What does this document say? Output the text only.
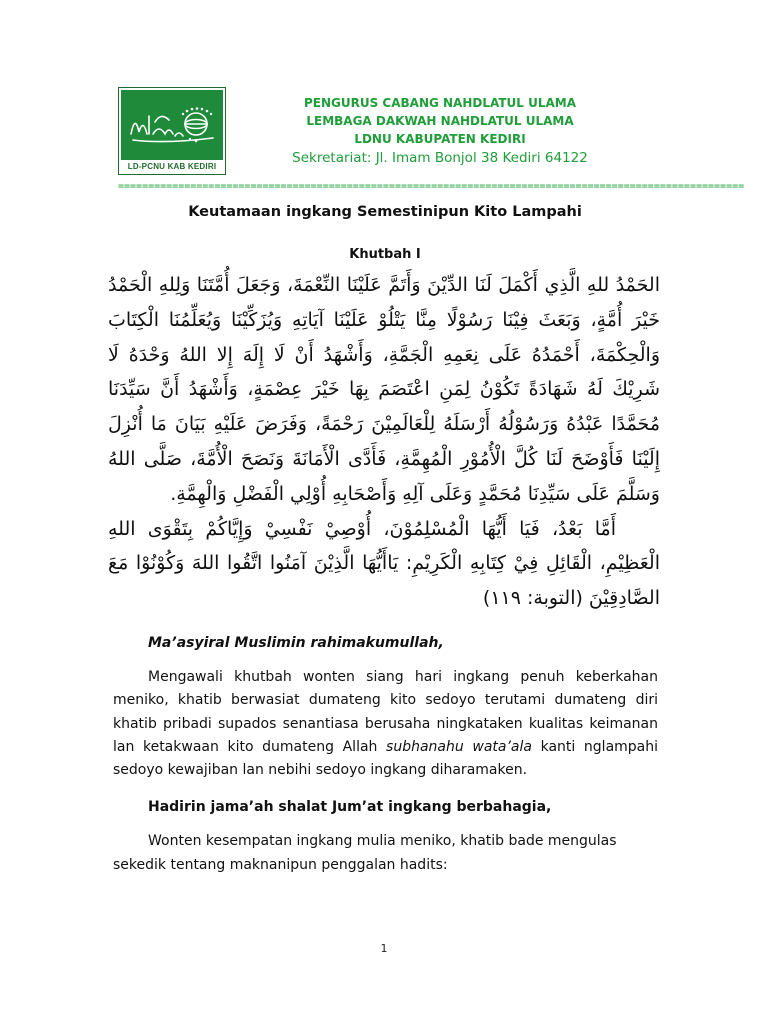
LD-PCNU KAB KEDIRI
PENGURUS CABANG NAHDLATUL ULAMA
LEMBAGA DAKWAH NAHDLATUL ULAMA
LDNU KABUPATEN KEDIRI
Sekretariat: Jl. Imam Bonjol 38 Kediri 64122
========================================================================================================
Keutamaan ingkang Semestinipun Kito Lampahi
Khutbah I

الحَمْدُ للهِ الَّذِي أَكْمَلَ لَنَا الدِّيْنَ وَأَتَمَّ عَلَيْنَا النِّعْمَةَ، وَجَعَلَ أُمَّتَنَا وَلِلهِ الْحَمْدُ خَيْرَ أُمَّةٍ، وَبَعَثَ فِيْنَا رَسُوْلًا مِنَّا يَتْلُوْ عَلَيْنَا آيَاتِهِ وَيُزَكِّيْنَا وَيُعَلِّمُنَا الْكِتَابَ وَالْحِكْمَةَ، أَحْمَدُهُ عَلَى نِعَمِهِ الْجَمَّةِ، وَأَشْهَدُ أَنْ لَا إِلَهَ إِلا اللهُ وَحْدَهُ لَا شَرِيْكَ لَهُ شَهَادَةً تَكُوْنُ لِمَنِ اعْتَصَمَ بِهَا خَيْرَ عِصْمَةٍ، وَأَشْهَدُ أَنَّ سَيِّدَنَا مُحَمَّدًا عَبْدُهُ وَرَسُوْلُهُ أَرْسَلَهُ لِلْعَالَمِيْنَ رَحْمَةً، وَفَرَضَ عَلَيْهِ بَيَانَ مَا أُنْزِلَ إِلَيْنَا فَأَوْضَحَ لَنَا كُلَّ الْأُمُوْرِ الْمُهِمَّةِ، فَأَدَّى الْأَمَانَةَ وَنَصَحَ الْأُمَّةَ، صَلَّى اللهُ وَسَلَّمَ عَلَى سَيِّدِنَا مُحَمَّدٍ وَعَلَى آلِهِ وَأَصْحَابِهِ أُوْلِي الْفَضْلِ وَالْهِمَّةِ.

أَمَّا بَعْدُ، فَيَا أَيُّهَا الْمُسْلِمُوْنَ، أُوْصِيْ نَفْسِيْ وَإِيَّاكُمْ بِتَقْوَى اللهِ الْعَظِيْمِ، الْقَائِلِ فِيْ كِتَابِهِ الْكَرِيْمِ: يَاأَيُّهَا الَّذِيْنَ آمَنُوا اتَّقُوا اللهَ وَكُوْنُوْا مَعَ الصَّادِقِيْنَ (التوبة: ١١٩)

Ma’asyiral Muslimin rahimakumullah,

Mengawali khutbah wonten siang hari ingkang penuh keberkahan meniko, khatib berwasiat dumateng kito sedoyo terutami dumateng diri khatib pribadi supados senantiasa berusaha ningkataken kualitas keimanan lan ketakwaan kito dumateng Allah subhanahu wata’ala kanti nglampahi sedoyo kewajiban lan nebihi sedoyo ingkang diharamaken.

Hadirin jama’ah shalat Jum’at ingkang berbahagia,

Wonten kesempatan ingkang mulia meniko, khatib bade mengulas sekedik tentang maknanipun penggalan hadits:

1
